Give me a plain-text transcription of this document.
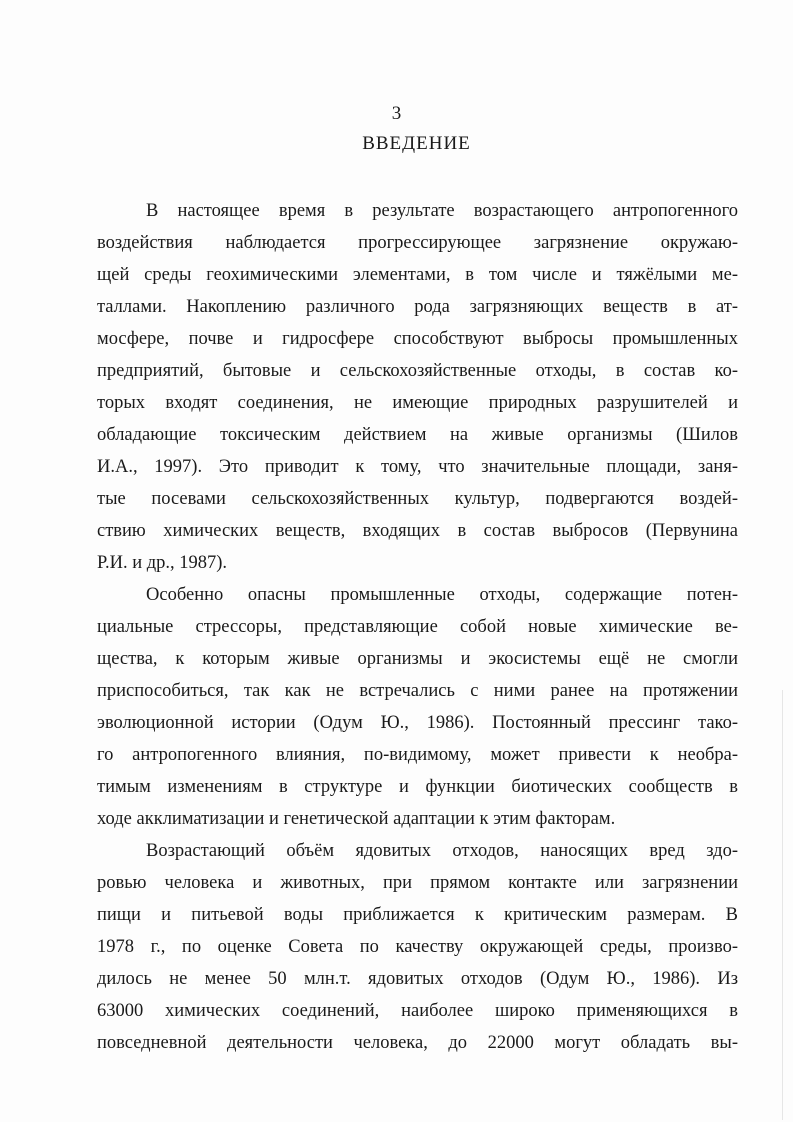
3
ВВЕДЕНИЕ
В настоящее время в результате возрастающего антропогенного
воздействия наблюдается прогрессирующее загрязнение окружаю-
щей среды геохимическими элементами, в том числе и тяжёлыми ме-
таллами. Накоплению различного рода загрязняющих веществ в ат-
мосфере, почве и гидросфере способствуют выбросы промышленных
предприятий, бытовые и сельскохозяйственные отходы, в состав ко-
торых входят соединения, не имеющие природных разрушителей и
обладающие токсическим действием на живые организмы (Шилов
И.А., 1997). Это приводит к тому, что значительные площади, заня-
тые посевами сельскохозяйственных культур, подвергаются воздей-
ствию химических веществ, входящих в состав выбросов (Первунина
Р.И. и др., 1987).
Особенно опасны промышленные отходы, содержащие потен-
циальные стрессоры, представляющие собой новые химические ве-
щества, к которым живые организмы и экосистемы ещё не смогли
приспособиться, так как не встречались с ними ранее на протяжении
эволюционной истории (Одум Ю., 1986). Постоянный прессинг тако-
го антропогенного влияния, по-видимому, может привести к необра-
тимым изменениям в структуре и функции биотических сообществ в
ходе акклиматизации и генетической адаптации к этим факторам.
Возрастающий объём ядовитых отходов, наносящих вред здо-
ровью человека и животных, при прямом контакте или загрязнении
пищи и питьевой воды приближается к критическим размерам. В
1978 г., по оценке Совета по качеству окружающей среды, произво-
дилось не менее 50 млн.т. ядовитых отходов (Одум Ю., 1986). Из
63000 химических соединений, наиболее широко применяющихся в
повседневной деятельности человека, до 22000 могут обладать вы-
